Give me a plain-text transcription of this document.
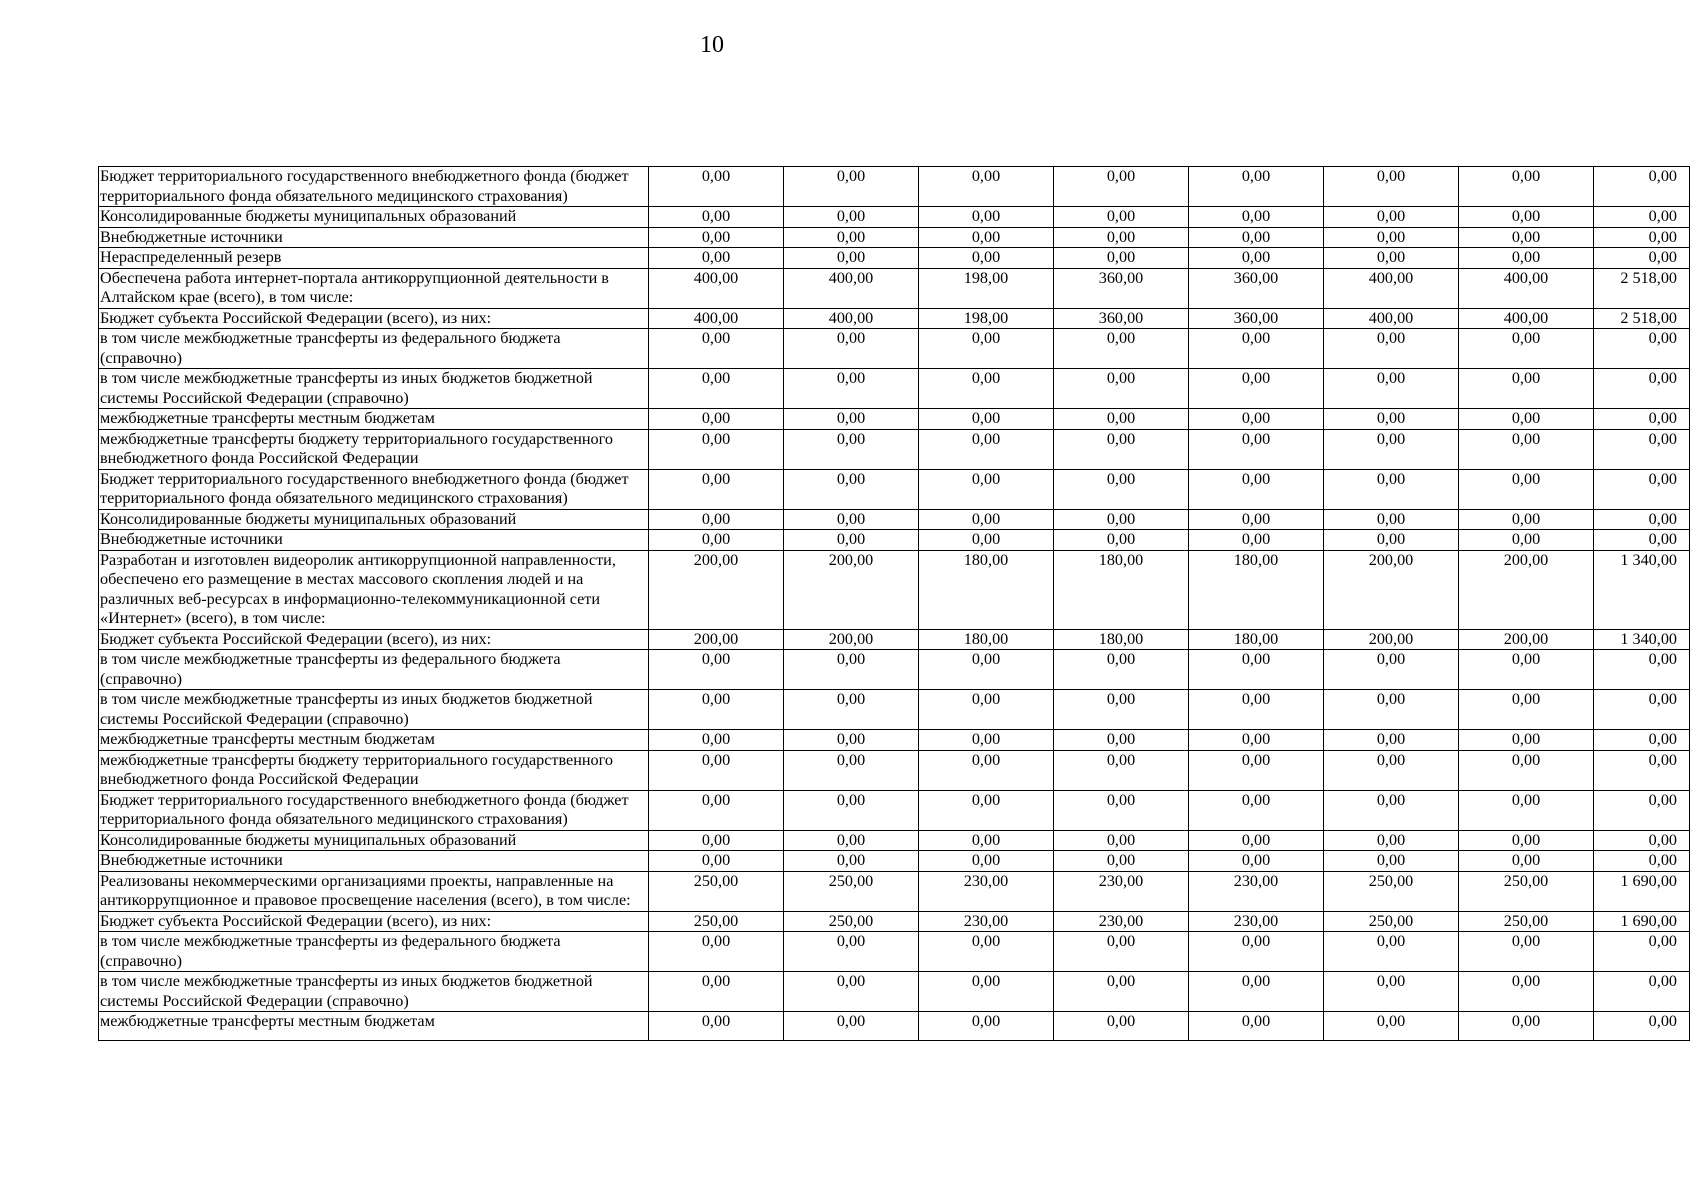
10
Бюджет территориального государственного внебюджетного фонда (бюджет территориального фонда обязательного медицинского страхования)	0,00	0,00	0,00	0,00	0,00	0,00	0,00	0,00
Консолидированные бюджеты муниципальных образований	0,00	0,00	0,00	0,00	0,00	0,00	0,00	0,00
Внебюджетные источники	0,00	0,00	0,00	0,00	0,00	0,00	0,00	0,00
Нераспределенный резерв	0,00	0,00	0,00	0,00	0,00	0,00	0,00	0,00
Обеспечена работа интернет-портала антикоррупционной деятельности в Алтайском крае (всего), в том числе:	400,00	400,00	198,00	360,00	360,00	400,00	400,00	2 518,00
Бюджет субъекта Российской Федерации (всего), из них:	400,00	400,00	198,00	360,00	360,00	400,00	400,00	2 518,00
в том числе межбюджетные трансферты из федерального бюджета (справочно)	0,00	0,00	0,00	0,00	0,00	0,00	0,00	0,00
в том числе межбюджетные трансферты из иных бюджетов бюджетной системы Российской Федерации (справочно)	0,00	0,00	0,00	0,00	0,00	0,00	0,00	0,00
межбюджетные трансферты местным бюджетам	0,00	0,00	0,00	0,00	0,00	0,00	0,00	0,00
межбюджетные трансферты бюджету территориального государственного внебюджетного фонда Российской Федерации	0,00	0,00	0,00	0,00	0,00	0,00	0,00	0,00
Бюджет территориального государственного внебюджетного фонда (бюджет территориального фонда обязательного медицинского страхования)	0,00	0,00	0,00	0,00	0,00	0,00	0,00	0,00
Консолидированные бюджеты муниципальных образований	0,00	0,00	0,00	0,00	0,00	0,00	0,00	0,00
Внебюджетные источники	0,00	0,00	0,00	0,00	0,00	0,00	0,00	0,00
Разработан и изготовлен видеоролик антикоррупционной направленности, обеспечено его размещение в местах массового скопления людей и на различных веб-ресурсах в информационно-телекоммуникационной сети «Интернет» (всего), в том числе:	200,00	200,00	180,00	180,00	180,00	200,00	200,00	1 340,00
Бюджет субъекта Российской Федерации (всего), из них:	200,00	200,00	180,00	180,00	180,00	200,00	200,00	1 340,00
в том числе межбюджетные трансферты из федерального бюджета (справочно)	0,00	0,00	0,00	0,00	0,00	0,00	0,00	0,00
в том числе межбюджетные трансферты из иных бюджетов бюджетной системы Российской Федерации (справочно)	0,00	0,00	0,00	0,00	0,00	0,00	0,00	0,00
межбюджетные трансферты местным бюджетам	0,00	0,00	0,00	0,00	0,00	0,00	0,00	0,00
межбюджетные трансферты бюджету территориального государственного внебюджетного фонда Российской Федерации	0,00	0,00	0,00	0,00	0,00	0,00	0,00	0,00
Бюджет территориального государственного внебюджетного фонда (бюджет территориального фонда обязательного медицинского страхования)	0,00	0,00	0,00	0,00	0,00	0,00	0,00	0,00
Консолидированные бюджеты муниципальных образований	0,00	0,00	0,00	0,00	0,00	0,00	0,00	0,00
Внебюджетные источники	0,00	0,00	0,00	0,00	0,00	0,00	0,00	0,00
Реализованы некоммерческими организациями проекты, направленные на антикоррупционное и правовое просвещение населения (всего), в том числе:	250,00	250,00	230,00	230,00	230,00	250,00	250,00	1 690,00
Бюджет субъекта Российской Федерации (всего), из них:	250,00	250,00	230,00	230,00	230,00	250,00	250,00	1 690,00
в том числе межбюджетные трансферты из федерального бюджета (справочно)	0,00	0,00	0,00	0,00	0,00	0,00	0,00	0,00
в том числе межбюджетные трансферты из иных бюджетов бюджетной системы Российской Федерации (справочно)	0,00	0,00	0,00	0,00	0,00	0,00	0,00	0,00
межбюджетные трансферты местным бюджетам	0,00	0,00	0,00	0,00	0,00	0,00	0,00	0,00
